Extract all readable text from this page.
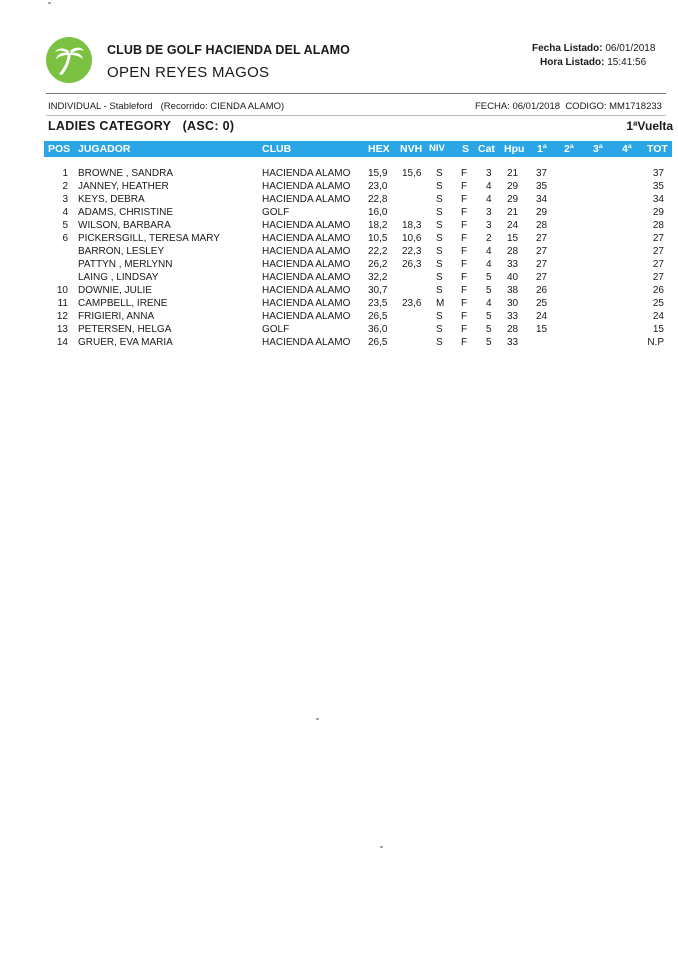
CLUB DE GOLF HACIENDA DEL ALAMO
OPEN REYES MAGOS
Fecha Listado: 06/01/2018
Hora Listado: 15:41:56
INDIVIDUAL - Stableford (Recorrido: CIENDA ALAMO)	FECHA: 06/01/2018 CODIGO: MM1718233
LADIES CATEGORY (ASC: 0)	1ªVuelta
POS JUGADOR	CLUB	HEX NVH NIV S Cat Hpu 1ª 2ª 3ª 4ª TOT
1 BROWNE , SANDRA	HACIENDA ALAMO 15,9 15,6 S F 3 21 37	37
2 JANNEY, HEATHER	HACIENDA ALAMO 23,0	S F 4 29 35	35
3 KEYS, DEBRA	HACIENDA ALAMO 22,8	S F 4 29 34	34
4 ADAMS, CHRISTINE	GOLF	16,0	S F 3 21 29	29
5 WILSON, BARBARA	HACIENDA ALAMO 18,2 18,3 S F 3 24 28	28
6 PICKERSGILL, TERESA MARY	HACIENDA ALAMO 10,5 10,6 S F 2 15 27	27
BARRON, LESLEY	HACIENDA ALAMO 22,2 22,3 S F 4 28 27	27
PATTYN , MERLYNN	HACIENDA ALAMO 26,2 26,3 S F 4 33 27	27
LAING , LINDSAY	HACIENDA ALAMO 32,2	S F 5 40 27	27
10 DOWNIE, JULIE	HACIENDA ALAMO 30,7	S F 5 38 26	26
11 CAMPBELL, IRENE	HACIENDA ALAMO 23,5 23,6 M F 4 30 25	25
12 FRIGIERI, ANNA	HACIENDA ALAMO 26,5	S F 5 33 24	24
13 PETERSEN, HELGA	GOLF	36,0	S F 5 28 15	15
14 GRUER, EVA MARIA	HACIENDA ALAMO 26,5	S F 5 33	N.P
